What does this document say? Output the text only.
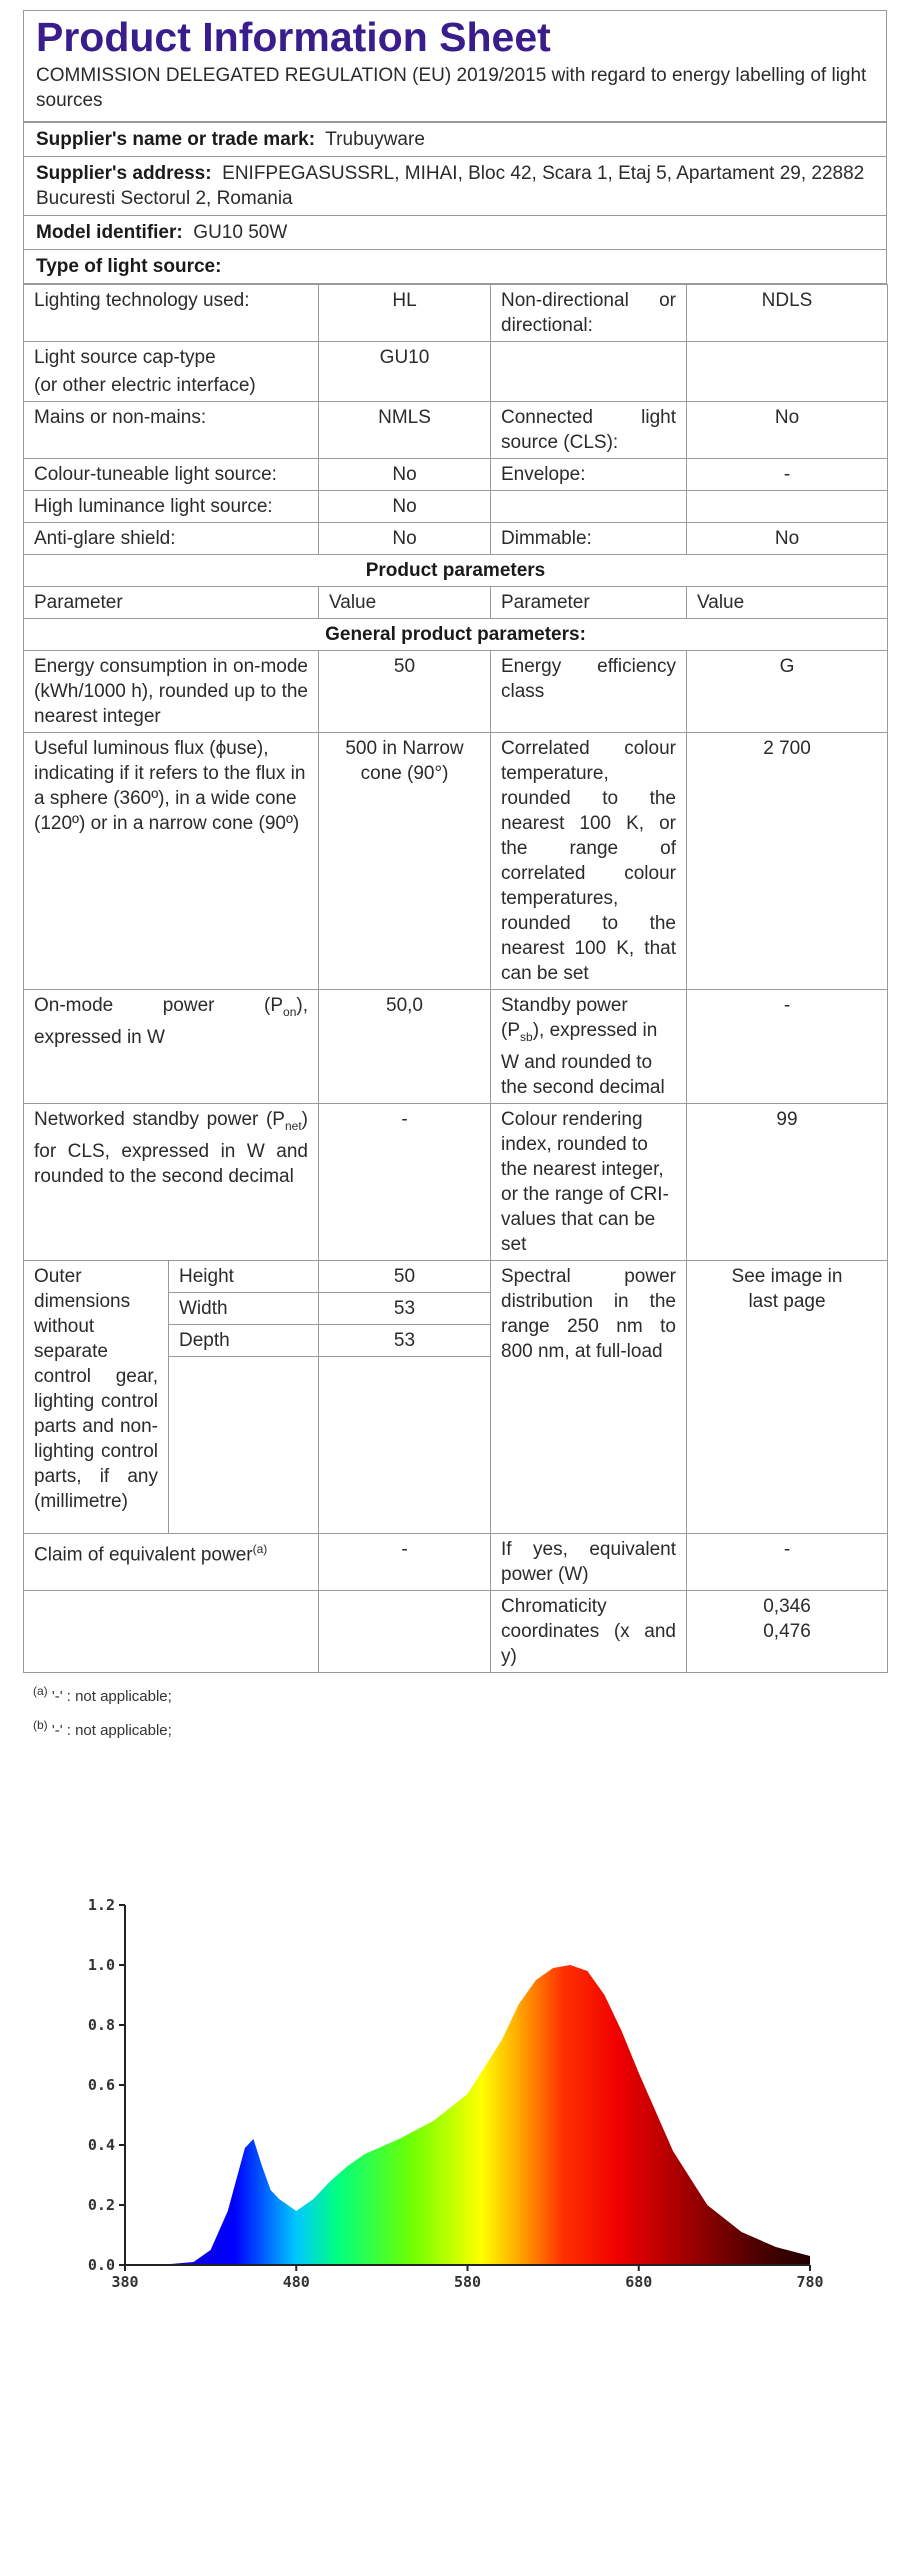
Product Information Sheet
COMMISSION DELEGATED REGULATION (EU) 2019/2015 with regard to energy labelling of light sources
Supplier's name or trade mark: Trubuyware
Supplier's address: ENIFPEGASUSSRL, MIHAI, Bloc 42, Scara 1, Etaj 5, Apartament 29, 22882 Bucuresti Sectorul 2, Romania
Model identifier: GU10 50W
Type of light source:
Lighting technology used:		HL	Non-directional or directional:	NDLS

Light source cap-type
(or other electric interface)		GU10		
Mains or non-mains:		NMLS	Connected light source (CLS):	No
Colour-tuneable light source:		No	Envelope:	-
High luminance light source:		No		
Anti-glare shield:		No	Dimmable:	No
Product parameters				
Parameter		Value	Parameter	Value
General product parameters:				
Energy consumption in on-mode (kWh/1000 h), rounded up to the nearest integer		50	Energy efficiency class	G
Useful luminous flux (ϕuse), indicating if it refers to the flux in a sphere (360º), in a wide cone (120º) or in a narrow cone (90º)		500 in Narrow cone (90°)	Correlated colour temperature, rounded to the nearest 100 K, or the range of correlated colour temperatures, rounded to the nearest 100 K, that can be set	2 700
On-mode power $(P_{on})$, expressed in W		50,0	Standby power $(P_{sb})$, expressed in W and rounded to the second decimal	-
Networked standby power $(P_{net})$ for CLS, expressed in W and rounded to the second decimal		-	Colour rendering index, rounded to the nearest integer, or the range of CRI-values that can be set	99
Outer dimensions without separate control gear, lighting control parts and non-lighting control parts, if any (millimetre)	Height	50	Spectral power distribution in the range 250 nm to 800 nm, at full-load	See image in last page
	Width	53		
	Depth	53		

Claim of equivalent power$^{(a)}$		-	If yes, equivalent power (W)	-
			Chromaticity coordinates (x and y)	0,346
0,476
$^{(a)}$ '-' : not applicable;
$^{(b)}$ '-' : not applicable;
0.0
0.2
0.4
0.6
0.8
1.0
1.2
380	480	580	680	780
